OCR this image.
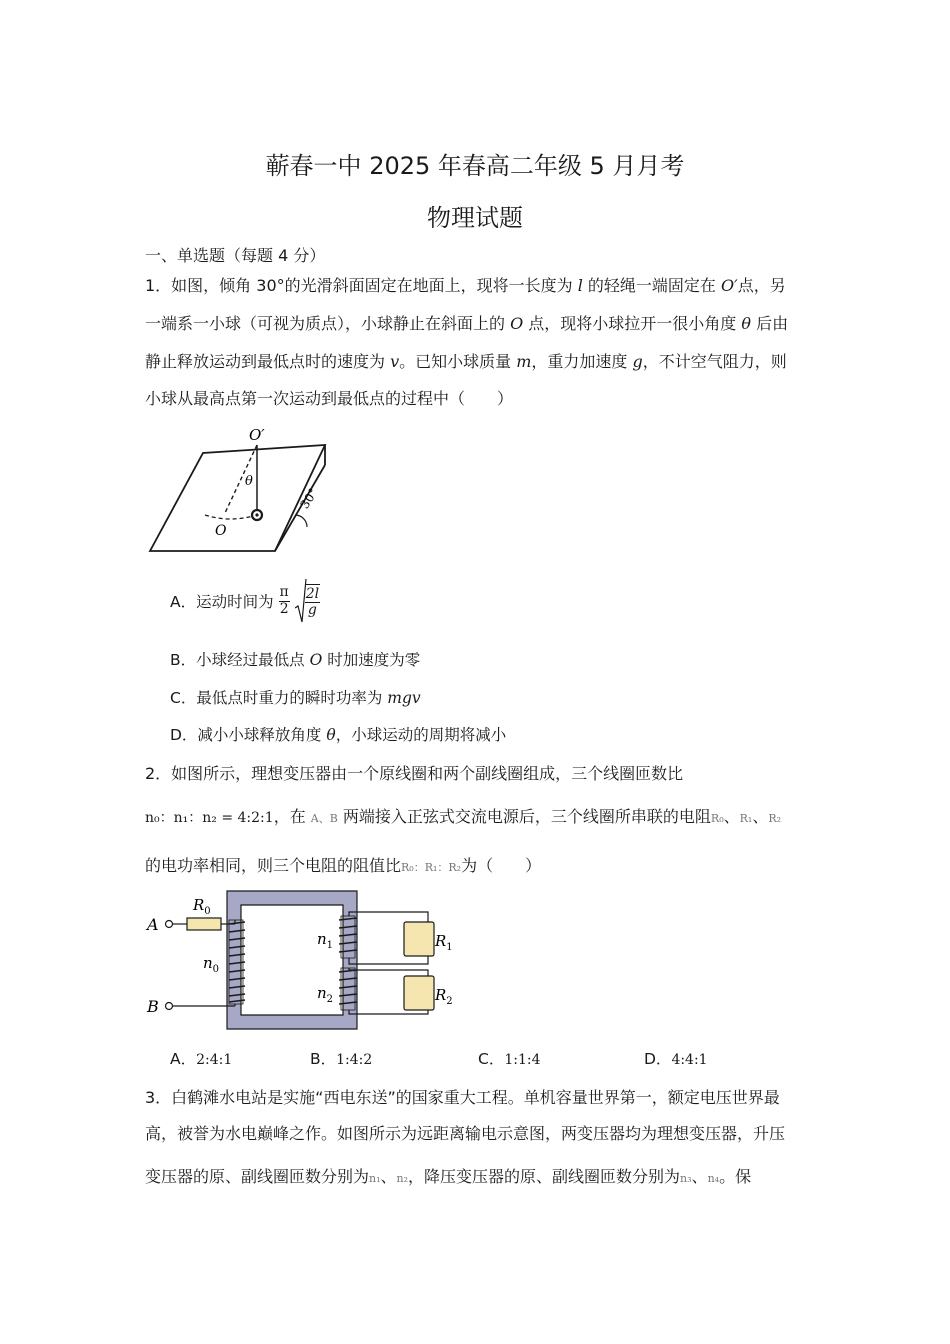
蕲春一中 2025 年春高二年级 5 月月考
物理试题
一、单选题（每题 4 分）
1．如图，倾角 30°的光滑斜面固定在地面上，现将一长度为 l 的轻绳一端固定在 O′点，另
一端系一小球（可视为质点），小球静止在斜面上的 O 点，现将小球拉开一很小角度 θ 后由
静止释放运动到最低点时的速度为 v。已知小球质量 m，重力加速度 g，不计空气阻力，则
小球从最高点第一次运动到最低点的过程中（　　）
O′
θ
O
30°
A．运动时间为 $\frac{\pi}{2}$
$\frac{2l}{g}$
B．小球经过最低点 O 时加速度为零
C．最低点时重力的瞬时功率为 mgv
D．减小小球释放角度 θ，小球运动的周期将减小
2．如图所示，理想变压器由一个原线圈和两个副线圈组成，三个线圈匝数比
n₀：n₁：n₂ = 4:2:1，在 A、B 两端接入正弦式交流电源后，三个线圈所串联的电阻R₀、R₁、R₂
的电功率相同，则三个电阻的阻值比R₀：R₁：R₂为（　　）
A
B
$R_0$
$n_0$
$n_1$
$n_2$
$R_1$
$R_2$
A．2:4:1	B．1:4:2	C．1:1:4	D．4:4:1
3．白鹤滩水电站是实施“西电东送”的国家重大工程。单机容量世界第一，额定电压世界最
高，被誉为水电巅峰之作。如图所示为远距离输电示意图，两变压器均为理想变压器，升压
变压器的原、副线圈匝数分别为n₁、n₂，降压变压器的原、副线圈匝数分别为n₃、n₄。保
